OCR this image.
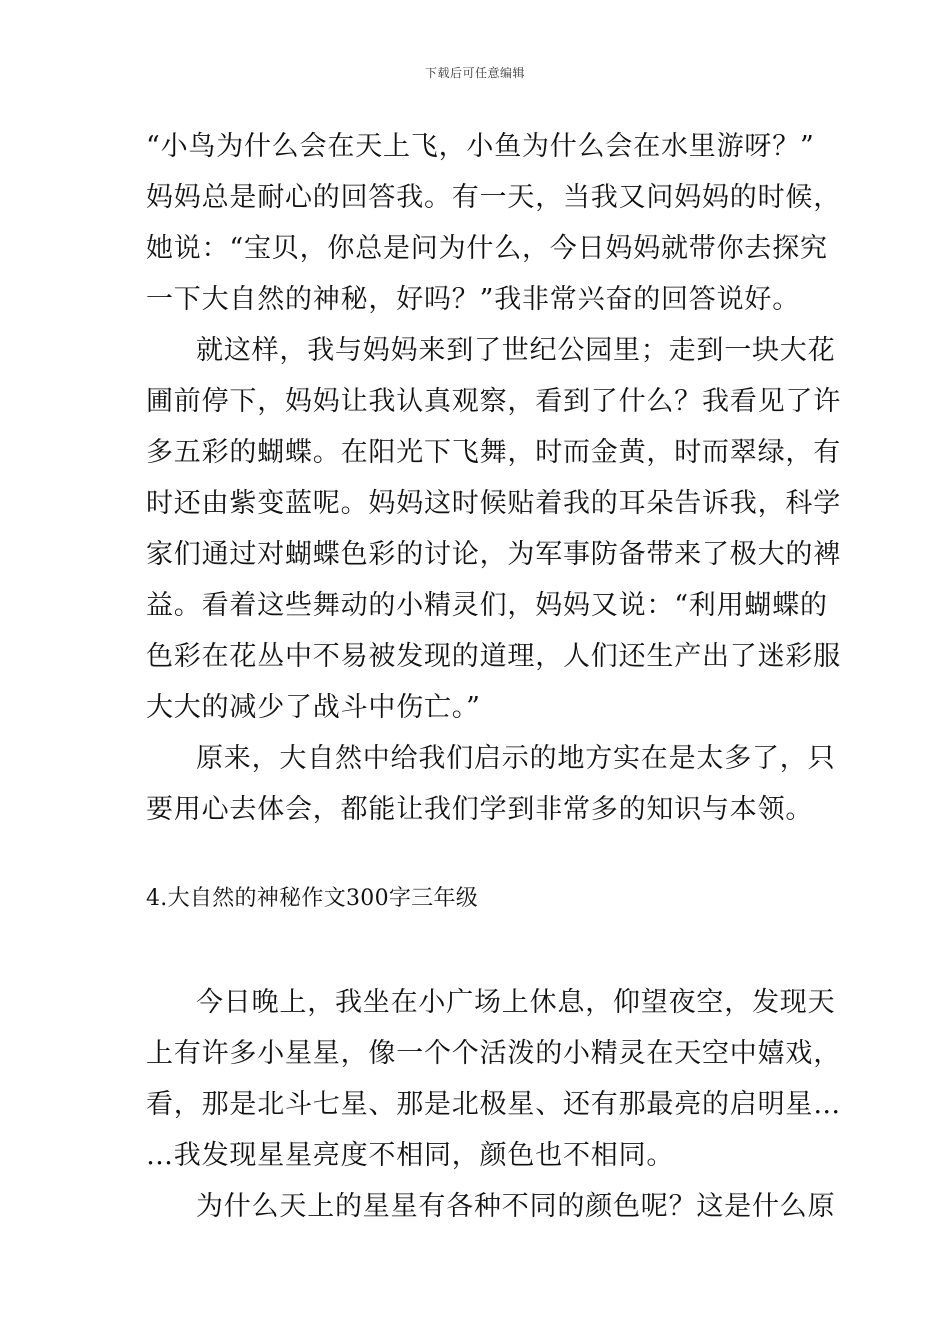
下载后可任意编辑
“小鸟为什么会在天上飞，小鱼为什么会在水里游呀？”
妈妈总是耐心的回答我。有一天，当我又问妈妈的时候，
她说：“宝贝，你总是问为什么，今日妈妈就带你去探究
一下大自然的神秘，好吗？”我非常兴奋的回答说好。
就这样，我与妈妈来到了世纪公园里；走到一块大花
圃前停下，妈妈让我认真观察，看到了什么？我看见了许
多五彩的蝴蝶。在阳光下飞舞，时而金黄，时而翠绿，有
时还由紫变蓝呢。妈妈这时候贴着我的耳朵告诉我，科学
家们通过对蝴蝶色彩的讨论，为军事防备带来了极大的裨
益。看着这些舞动的小精灵们，妈妈又说：“利用蝴蝶的
色彩在花丛中不易被发现的道理，人们还生产出了迷彩服
大大的减少了战斗中伤亡。”
原来，大自然中给我们启示的地方实在是太多了，只
要用心去体会，都能让我们学到非常多的知识与本领。
4.大自然的神秘作文300字三年级
今日晚上，我坐在小广场上休息，仰望夜空，发现天
上有许多小星星，像一个个活泼的小精灵在天空中嬉戏，
看，那是北斗七星、那是北极星、还有那最亮的启明星…
…我发现星星亮度不相同，颜色也不相同。
为什么天上的星星有各种不同的颜色呢？这是什么原
